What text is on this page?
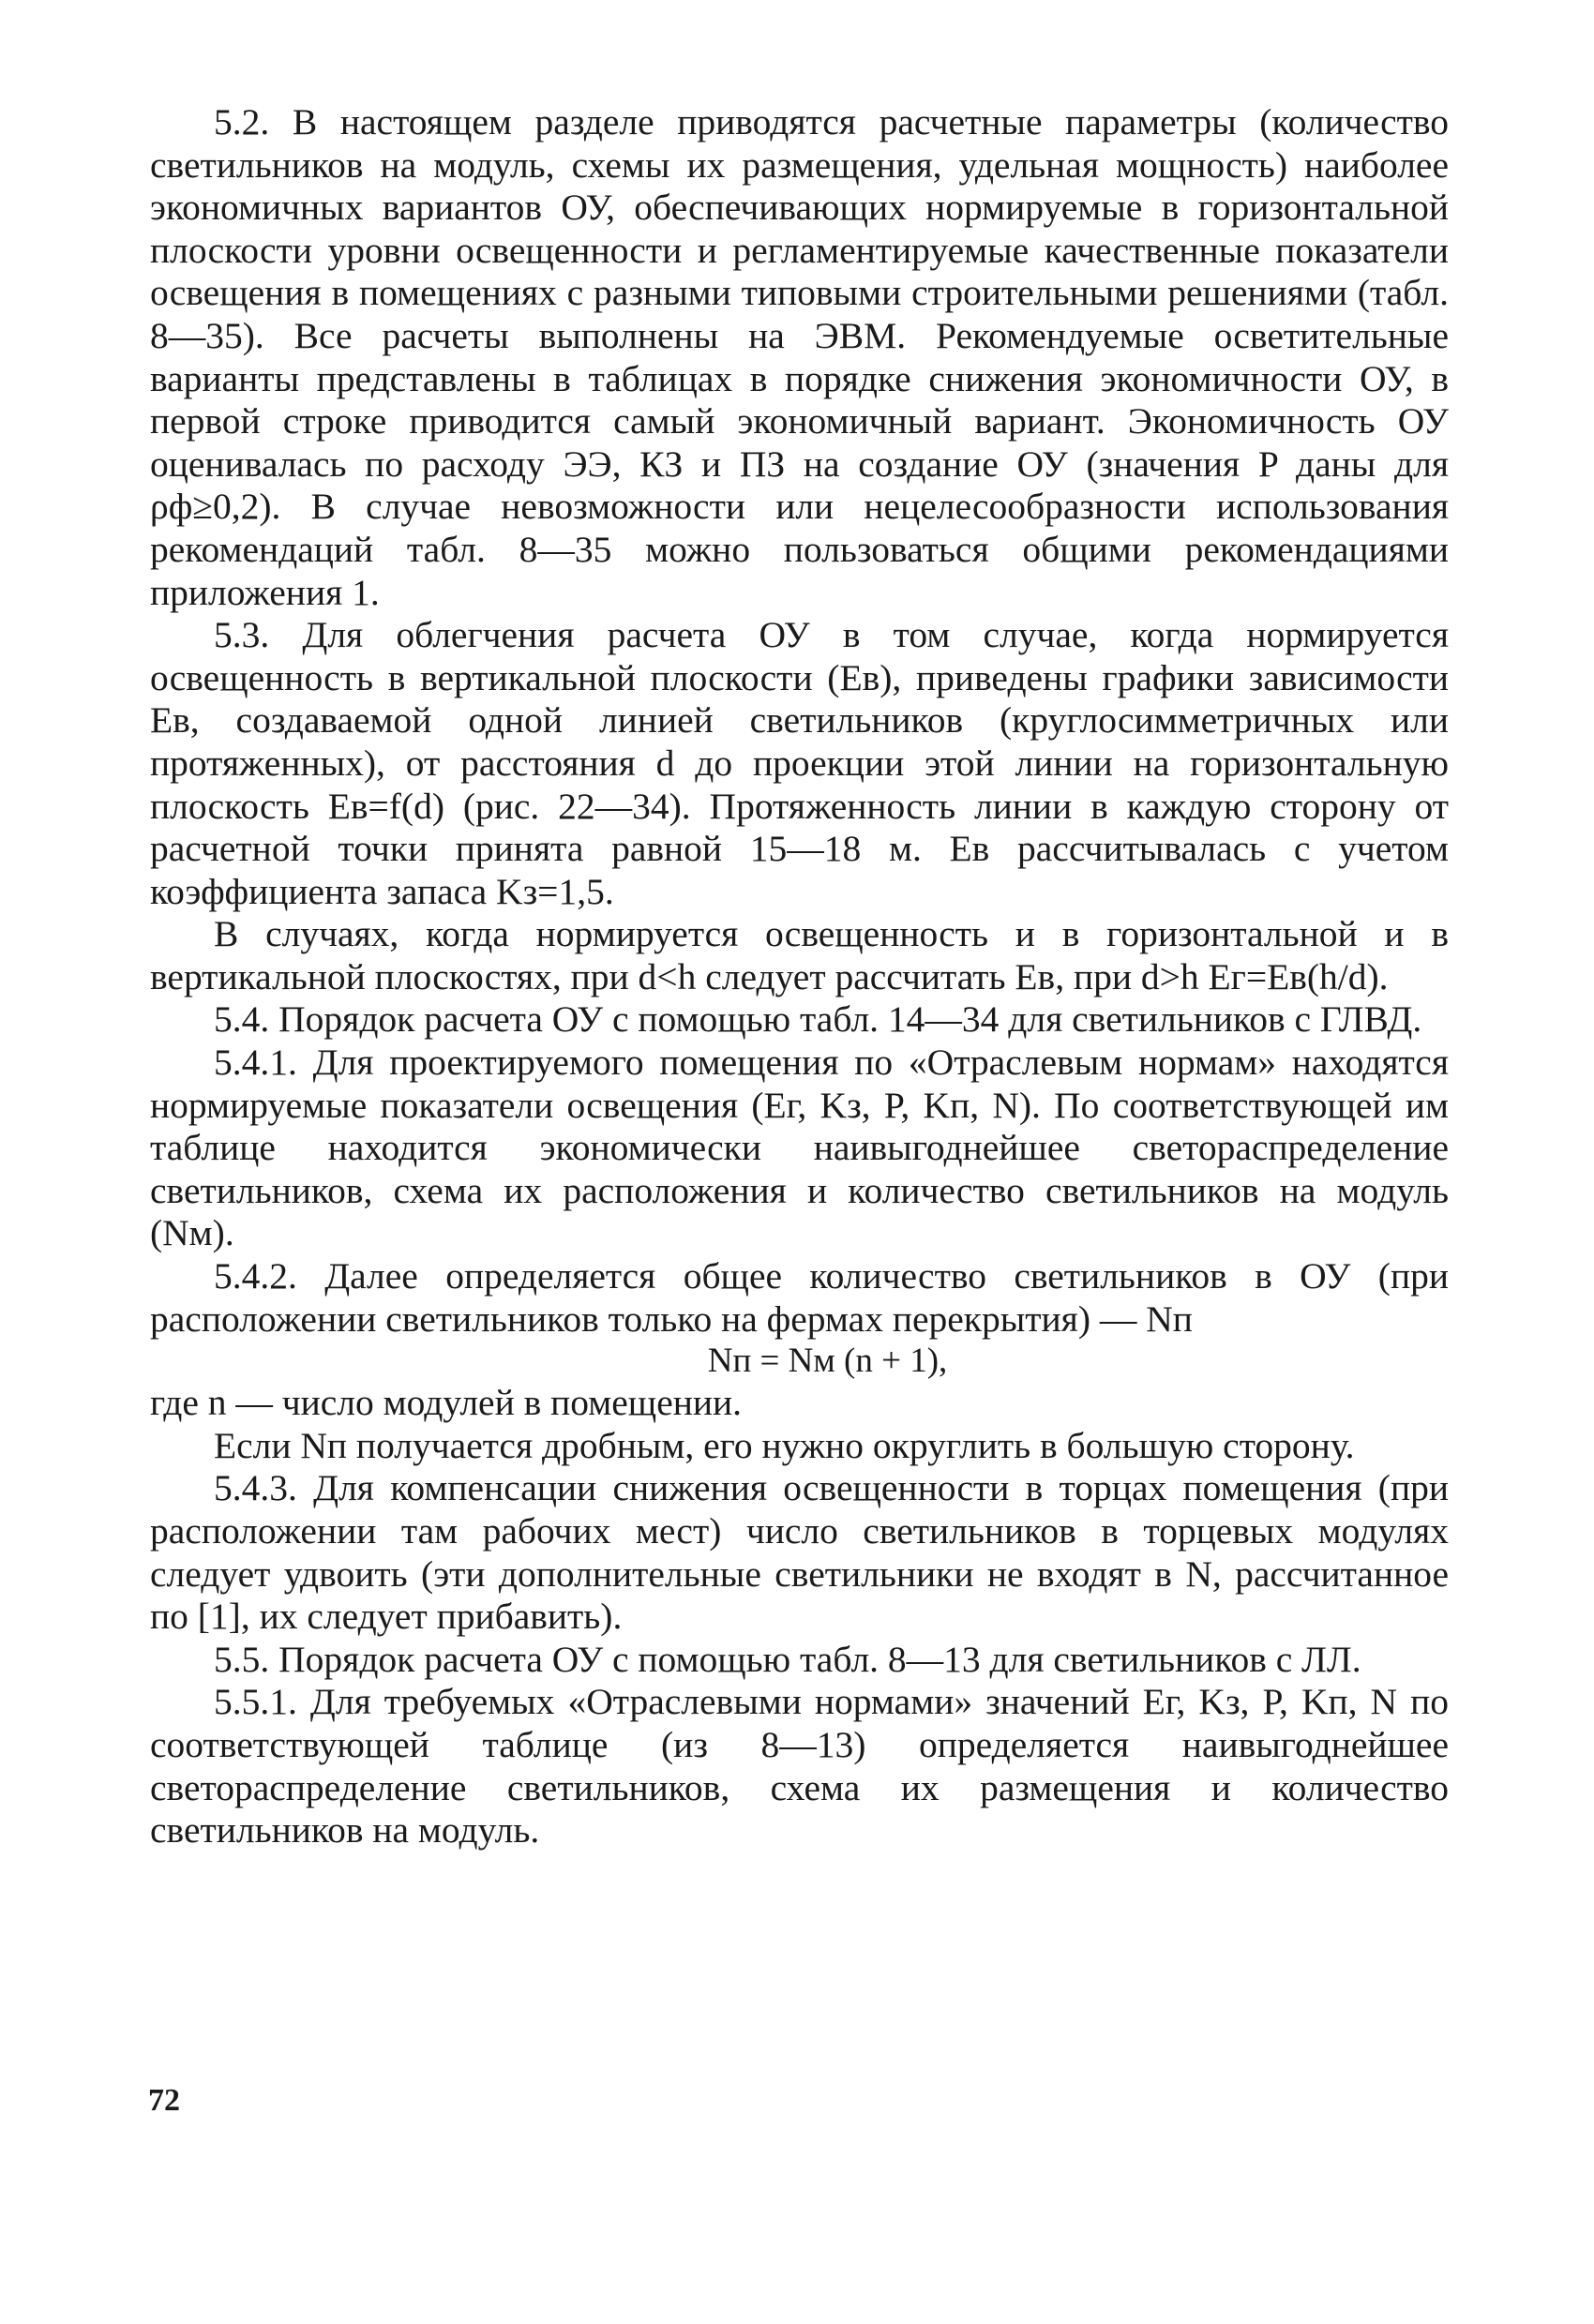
5.2. В настоящем разделе приводятся расчетные параметры (количество светильников на модуль, схемы их размещения, удельная мощность) наиболее экономичных вариантов ОУ, обеспечивающих нормируемые в горизонтальной плоскости уровни освещенности и регламентируемые качественные показатели освещения в помещениях с разными типовыми строительными решениями (табл. 8—35). Все расчеты выполнены на ЭВМ. Рекомендуемые осветительные варианты представлены в таблицах в порядке снижения экономичности ОУ, в первой строке приводится самый экономичный вариант. Экономичность ОУ оценивалась по расходу ЭЭ, КЗ и ПЗ на создание ОУ (значения P даны для ρф≥0,2). В случае невозможности или нецелесообразности использования рекомендаций табл. 8—35 можно пользоваться общими рекомендациями приложения 1.

5.3. Для облегчения расчета ОУ в том случае, когда нормируется освещенность в вертикальной плоскости (Eв), приведены графики зависимости Eв, создаваемой одной линией светильников (круглосимметричных или протяженных), от расстояния d до проекции этой линии на горизонтальную плоскость Eв=f(d) (рис. 22—34). Протяженность линии в каждую сторону от расчетной точки принята равной 15—18 м. Eв рассчитывалась с учетом коэффициента запаса Kз=1,5.

В случаях, когда нормируется освещенность и в горизонтальной и в вертикальной плоскостях, при d<h следует рассчитать Eв, при d>h Eг=Eв(h/d).

5.4. Порядок расчета ОУ с помощью табл. 14—34 для светильников с ГЛВД.

5.4.1. Для проектируемого помещения по «Отраслевым нормам» находятся нормируемые показатели освещения (Eг, Kз, P, Kп, N). По соответствующей им таблице находится экономически наивыгоднейшее светораспределение светильников, схема их расположения и количество светильников на модуль (Nм).

5.4.2. Далее определяется общее количество светильников в ОУ (при расположении светильников только на фермах перекрытия) — Nп

Nп = Nм (n + 1),

где n — число модулей в помещении.

Если Nп получается дробным, его нужно округлить в большую сторону.

5.4.3. Для компенсации снижения освещенности в торцах помещения (при расположении там рабочих мест) число светильников в торцевых модулях следует удвоить (эти дополнительные светильники не входят в N, рассчитанное по [1], их следует прибавить).

5.5. Порядок расчета ОУ с помощью табл. 8—13 для светильников с ЛЛ.

5.5.1. Для требуемых «Отраслевыми нормами» значений Eг, Kз, P, Kп, N по соответствующей таблице (из 8—13) определяется наивыгоднейшее светораспределение светильников, схема их размещения и количество светильников на модуль.

72
